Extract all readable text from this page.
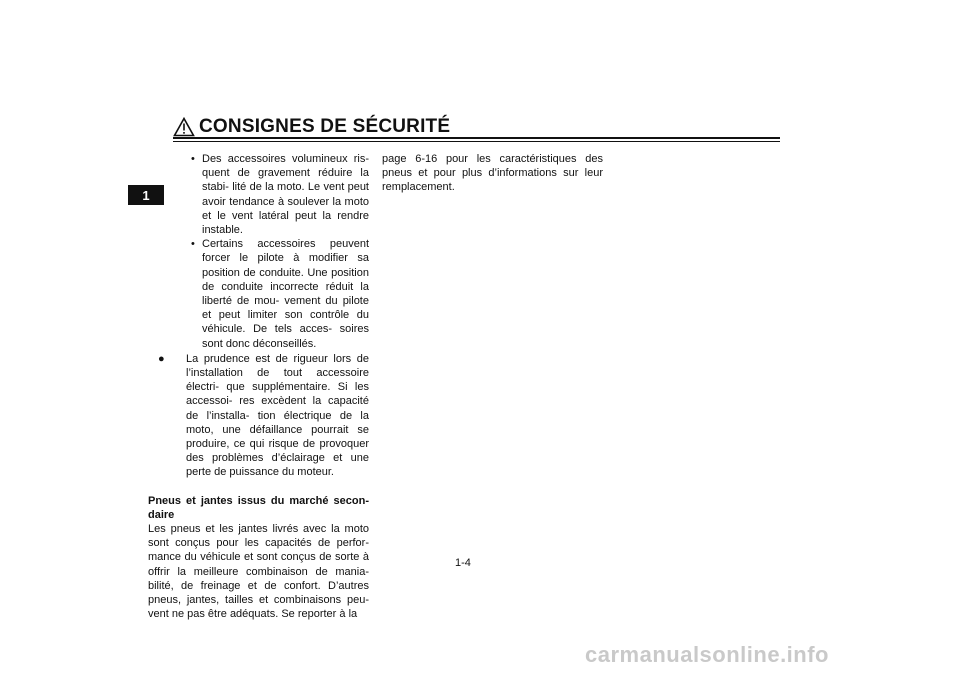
CONSIGNES DE SÉCURITÉ
1

• Des accessoires volumineux ris- quent de gravement réduire la stabi- lité de la moto. Le vent peut avoir tendance à soulever la moto et le vent latéral peut la rendre instable.

• Certains accessoires peuvent forcer le pilote à modifier sa position de conduite. Une position de conduite incorrecte réduit la liberté de mou- vement du pilote et peut limiter son contrôle du véhicule. De tels acces- soires sont donc déconseillés.

● La prudence est de rigueur lors de l’installation de tout accessoire électri- que supplémentaire. Si les accessoi- res excèdent la capacité de l’installa- tion électrique de la moto, une défaillance pourrait se produire, ce qui risque de provoquer des problèmes d’éclairage et une perte de puissance du moteur.

Pneus et jantes issus du marché secon- daire

Les pneus et les jantes livrés avec la moto sont conçus pour les capacités de perfor- mance du véhicule et sont conçus de sorte à offrir la meilleure combinaison de mania- bilité, de freinage et de confort. D’autres pneus, jantes, tailles et combinaisons peu- vent ne pas être adéquats. Se reporter à la

page 6-16 pour les caractéristiques des pneus et pour plus d’informations sur leur remplacement.

1-4
carmanualsonline.info
